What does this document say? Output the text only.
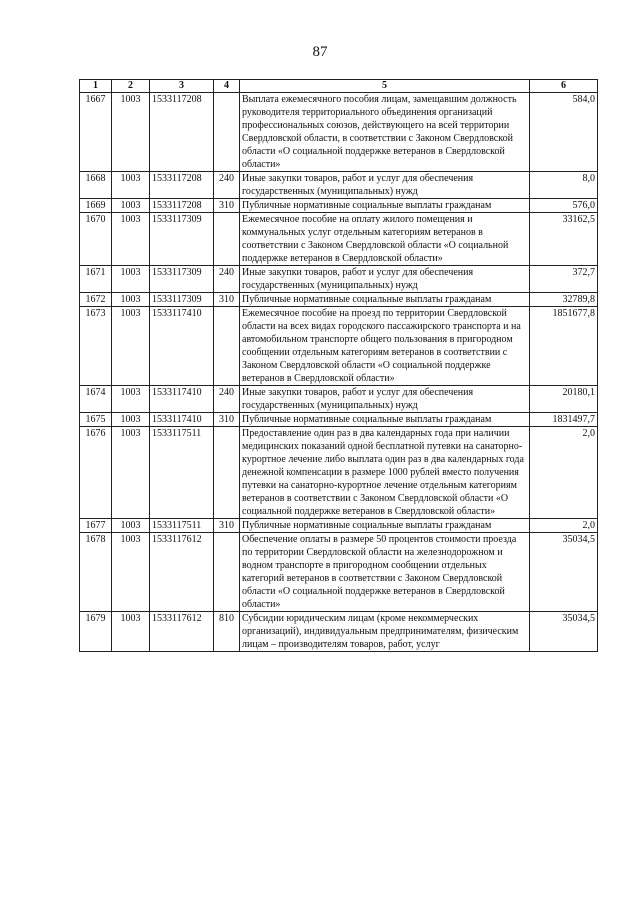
87
1	2	3	4	5	6
1667	1003	1533117208		Выплата ежемесячного пособия лицам, замещавшим должность руководителя территориального объединения организаций профессиональных союзов, действующего на всей территории Свердловской области, в соответствии с Законом Свердловской области «О социальной поддержке ветеранов в Свердловской области»	584,0
1668	1003	1533117208	240	Иные закупки товаров, работ и услуг для обеспечения государственных (муниципальных) нужд	8,0
1669	1003	1533117208	310	Публичные нормативные социальные выплаты гражданам	576,0
1670	1003	1533117309		Ежемесячное пособие на оплату жилого помещения и коммунальных услуг отдельным категориям ветеранов в соответствии с Законом Свердловской области «О социальной поддержке ветеранов в Свердловской области»	33162,5
1671	1003	1533117309	240	Иные закупки товаров, работ и услуг для обеспечения государственных (муниципальных) нужд	372,7
1672	1003	1533117309	310	Публичные нормативные социальные выплаты гражданам	32789,8
1673	1003	1533117410		Ежемесячное пособие на проезд по территории Свердловской области на всех видах городского пассажирского транспорта и на автомобильном транспорте общего пользования в пригородном сообщении отдельным категориям ветеранов в соответствии с Законом Свердловской области «О социальной поддержке ветеранов в Свердловской области»	1851677,8
1674	1003	1533117410	240	Иные закупки товаров, работ и услуг для обеспечения государственных (муниципальных) нужд	20180,1
1675	1003	1533117410	310	Публичные нормативные социальные выплаты гражданам	1831497,7
1676	1003	1533117511		Предоставление один раз в два календарных года при наличии медицинских показаний одной бесплатной путевки на санаторно-курортное лечение либо выплата один раз в два календарных года денежной компенсации в размере 1000 рублей вместо получения путевки на санаторно-курортное лечение отдельным категориям ветеранов в соответствии с Законом Свердловской области «О социальной поддержке ветеранов в Свердловской области»	2,0
1677	1003	1533117511	310	Публичные нормативные социальные выплаты гражданам	2,0
1678	1003	1533117612		Обеспечение оплаты в размере 50 процентов стоимости проезда по территории Свердловской области на железнодорожном и водном транспорте в пригородном сообщении отдельных категорий ветеранов в соответствии с Законом Свердловской области «О социальной поддержке ветеранов в Свердловской области»	35034,5
1679	1003	1533117612	810	Субсидии юридическим лицам (кроме некоммерческих организаций), индивидуальным предпринимателям, физическим лицам – производителям товаров, работ, услуг	35034,5
